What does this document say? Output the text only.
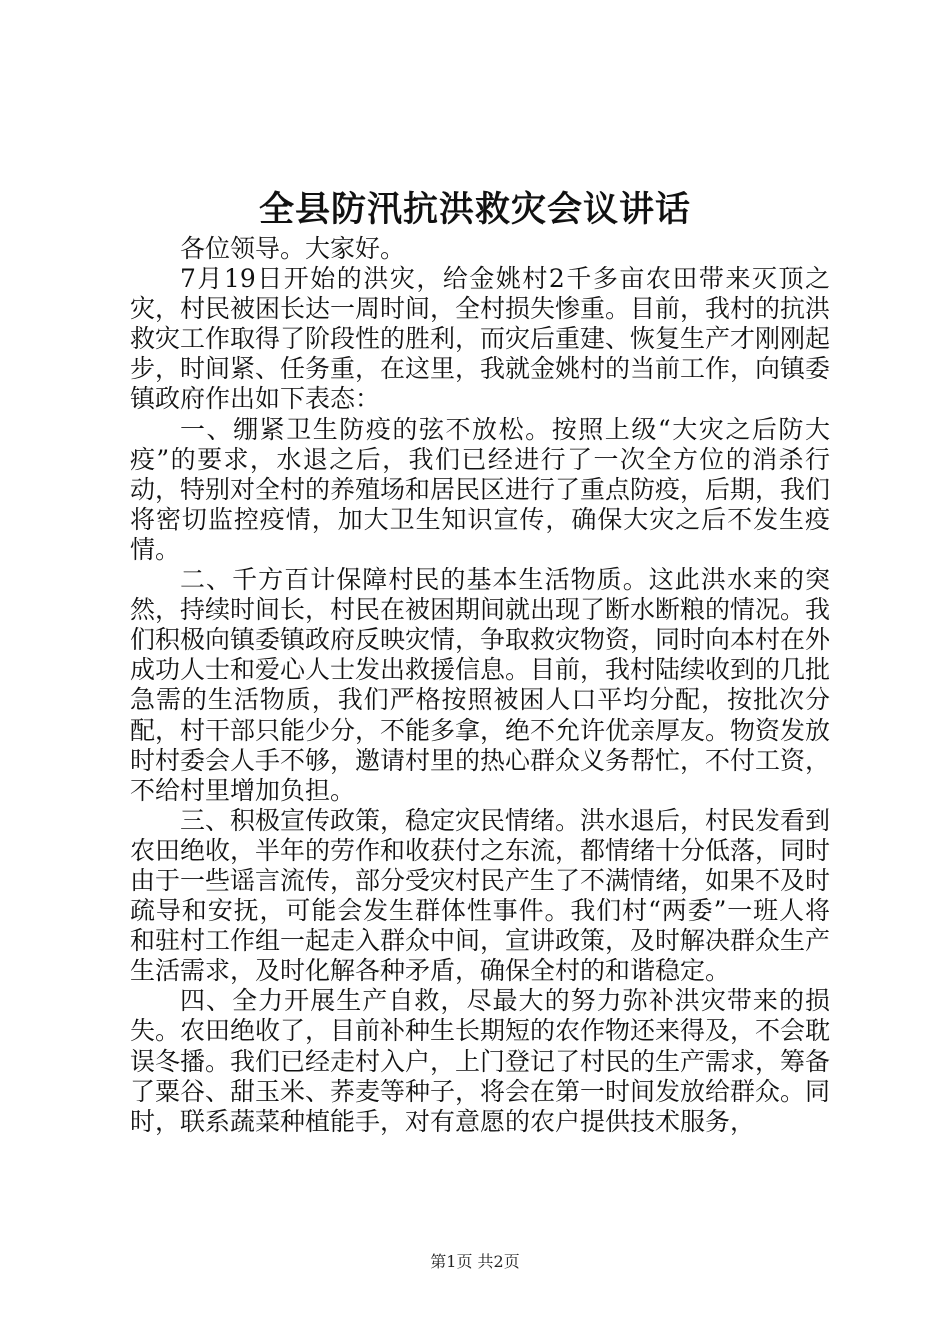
全县防汛抗洪救灾会议讲话

各位领导。大家好。

7月19日开始的洪灾，给金姚村2千多亩农田带来灭顶之灾，村民被困长达一周时间，全村损失惨重。目前，我村的抗洪救灾工作取得了阶段性的胜利，而灾后重建、恢复生产才刚刚起步，时间紧、任务重，在这里，我就金姚村的当前工作，向镇委镇政府作出如下表态：

一、绷紧卫生防疫的弦不放松。按照上级“大灾之后防大疫”的要求，水退之后，我们已经进行了一次全方位的消杀行动，特别对全村的养殖场和居民区进行了重点防疫，后期，我们将密切监控疫情，加大卫生知识宣传，确保大灾之后不发生疫情。

二、千方百计保障村民的基本生活物质。这此洪水来的突然，持续时间长，村民在被困期间就出现了断水断粮的情况。我们积极向镇委镇政府反映灾情，争取救灾物资，同时向本村在外成功人士和爱心人士发出救援信息。目前，我村陆续收到的几批急需的生活物质，我们严格按照被困人口平均分配，按批次分配，村干部只能少分，不能多拿，绝不允许优亲厚友。物资发放时村委会人手不够，邀请村里的热心群众义务帮忙，不付工资，不给村里增加负担。

三、积极宣传政策，稳定灾民情绪。洪水退后，村民发看到农田绝收，半年的劳作和收获付之东流，都情绪十分低落，同时由于一些谣言流传，部分受灾村民产生了不满情绪，如果不及时疏导和安抚，可能会发生群体性事件。我们村“两委”一班人将和驻村工作组一起走入群众中间，宣讲政策，及时解决群众生产生活需求，及时化解各种矛盾，确保全村的和谐稳定。

四、全力开展生产自救，尽最大的努力弥补洪灾带来的损失。农田绝收了，目前补种生长期短的农作物还来得及，不会耽误冬播。我们已经走村入户，上门登记了村民的生产需求，筹备了粟谷、甜玉米、荞麦等种子，将会在第一时间发放给群众。同时，联系蔬菜种植能手，对有意愿的农户提供技术服务，

第1页 共2页
